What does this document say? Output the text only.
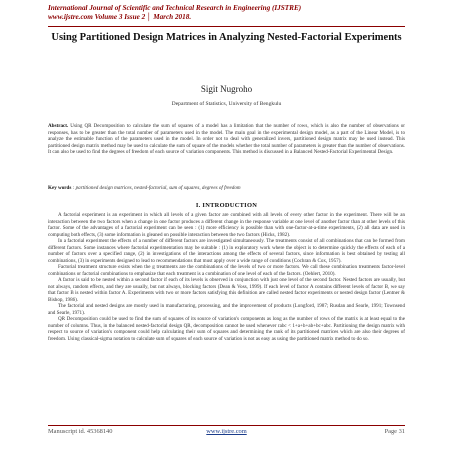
International Journal of Scientific and Technical Research in Engineering (IJSTRE)
www.ijstre.com Volume 3 Issue 2 │ March 2018.
Using Partitioned Design Matrices in Analyzing Nested-Factorial Experiments
Sigit Nugroho
Department of Statistics, University of Bengkulu
Abstract. Using QR Decomposition to calculate the sum of squares of a model has a limitation that the number of rows, which is also the number of observations or responses, has to be greater than the total number of parameters used in the model. The main goal in the experimental design model, as a part of the Linear Model, is to analyze the estimable function of the parameters used in the model. In order not to deal with generalized invers, partitioned design matrix may be used instead. This partitioned design matrix method may be used to calculate the sum of square of the models whether the total number of parameters is greater than the number of observations. It can also be used to find the degrees of freedom of each source of variation components. This method is discussed in a Balanced Nested-Factorial Experimental Design.
Key words : partitioned design matrices, nested-factorial, sum of squares, degrees of freedom
I. INTRODUCTION

A factorial experiment is an experiment in which all levels of a given factor are combined with all levels of every other factor in the experiment. There will be an interaction between the two factors when a change in one factor produces a different change in the response variable at one level of another factor than at other levels of this factor. Some of the advantages of a factorial experiment can be seen : (1) more efficiency is possible than with one-factor-at-a-time experiments, (2) all data are used in computing both effects, (3) some information is gleaned on possible interaction between the two factors (Hicks, 1982).

In a factorial experiment the effects of a number of different factors are investigated simultaneously. The treatments consist of all combinations that can be formed from different factors. Some instances where factorial experimentation may be suitable : (1) in exploratory work where the object is to determine quickly the effects of each of a number of factors over a specified range, (2) in investigations of the interactions among the effects of several factors, since information is best obtained by testing all combinations, (3) in experiments designed to lead to recommendations that must apply over a wide range of conditions (Cochran & Cox, 1957).

Factorial treatment structure exists when the g treatments are the combinations of the levels of two or more factors. We call these combination treatments factor-level combinations or factorial combinations to emphasize that each treatment is a combination of one level of each of the factors. (Oehlert, 2010).

A factor is said to be nested within a second factor if each of its levels is observed in conjunction with just one level of the second factor. Nested factors are usually, but not always, random effects, and they are usually, but not always, blocking factors (Dean & Voss, 1999). If each level of factor A contains different levels of factor B, we say that factor B is nested within factor A. Experiments with two or more factors satisfying this definition are called nested factor experiments or nested design factor (Lentner & Bishop, 1986).

The factorial and nested designs are mostly used in manufacturing, processing, and the improvement of products (Longford, 1987; Rusdan and Searle, 1991; Townsend and Searle, 1971).

QR Decomposition could be used to find the sum of squares of its source of variation's components as long as the number of rows of the matrix is at least equal to the number of columns. Thus, in the balanced nested-factorial design QR, decomposition cannot be used whenever rabc < 1+a+b+ab+bc+abc. Partitioning the design matrix with respect to source of variation's component could help calculating their sum of squares and determining the rank of its partitioned matrices which are also their degrees of freedom. Using classical-sigma notation to calculate sum of squares of each source of variation is not as easy as using the partitioned matrix method to do so.

Manuscript id. 45368140	www.ijstre.com	Page 31
